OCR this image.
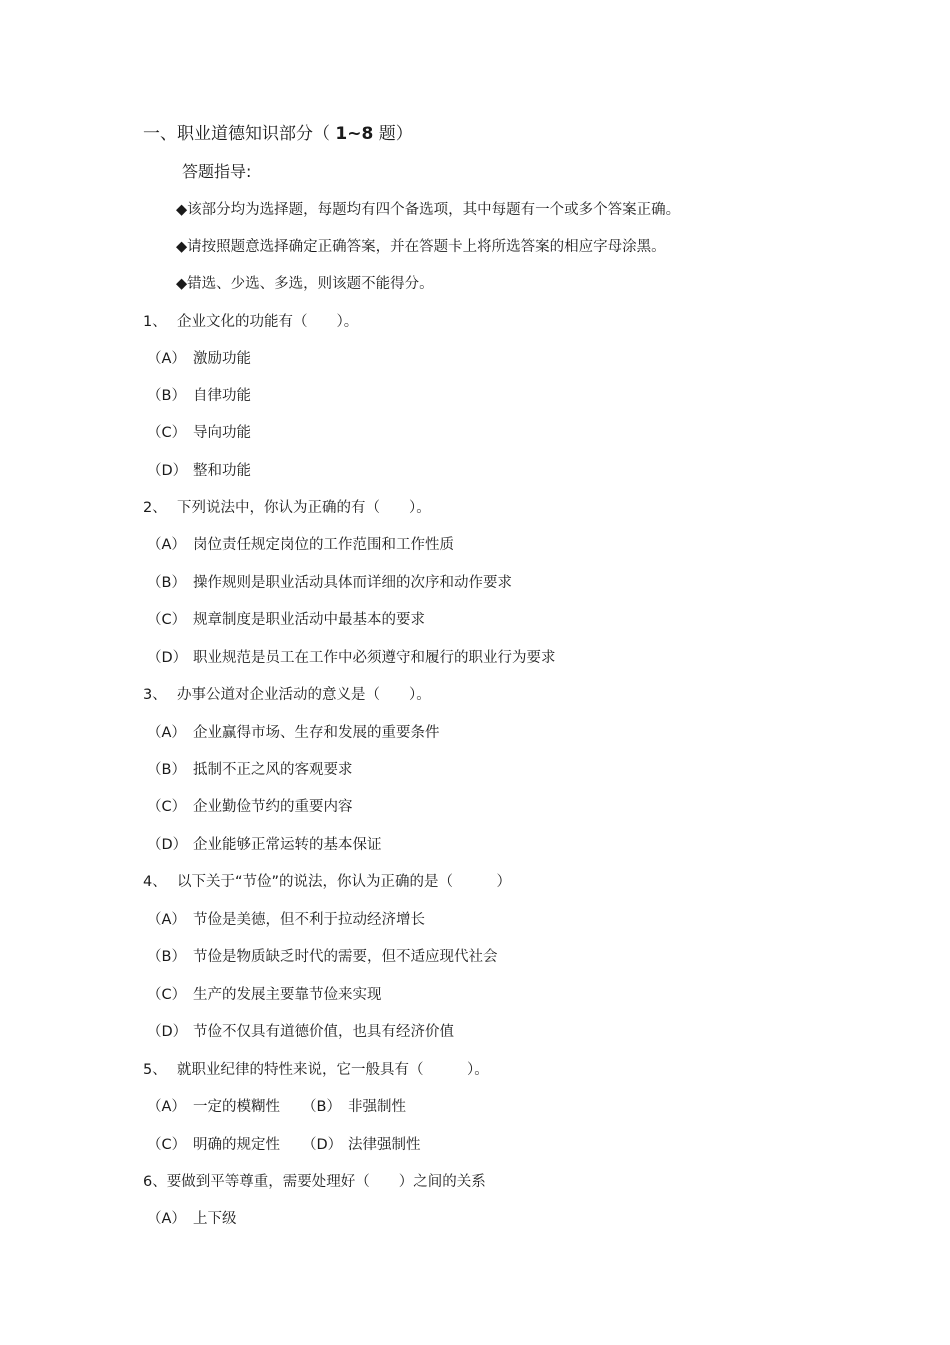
一、职业道德知识部分（ 1~8 题）
答题指导:
◆该部分均为选择题，每题均有四个备选项，其中每题有一个或多个答案正确。
◆请按照题意选择确定正确答案，并在答题卡上将所选答案的相应字母涂黑。
◆错选、少选、多选，则该题不能得分。
1、 企业文化的功能有（　　）。
（A） 激励功能
（B） 自律功能
（C） 导向功能
（D） 整和功能
2、 下列说法中，你认为正确的有（　　）。
（A） 岗位责任规定岗位的工作范围和工作性质
（B） 操作规则是职业活动具体而详细的次序和动作要求
（C） 规章制度是职业活动中最基本的要求
（D） 职业规范是员工在工作中必须遵守和履行的职业行为要求
3、 办事公道对企业活动的意义是（　　）。
（A） 企业赢得市场、生存和发展的重要条件
（B） 抵制不正之风的客观要求
（C） 企业勤俭节约的重要内容
（D） 企业能够正常运转的基本保证
4、 以下关于“节俭”的说法，你认为正确的是（　　　）
（A） 节俭是美德，但不利于拉动经济增长
（B） 节俭是物质缺乏时代的需要，但不适应现代社会
（C） 生产的发展主要靠节俭来实现
（D） 节俭不仅具有道德价值，也具有经济价值
5、 就职业纪律的特性来说，它一般具有（　　　）。
（A） 一定的模糊性 （B） 非强制性
（C） 明确的规定性 （D） 法律强制性
6、要做到平等尊重，需要处理好（　　）之间的关系
（A） 上下级
